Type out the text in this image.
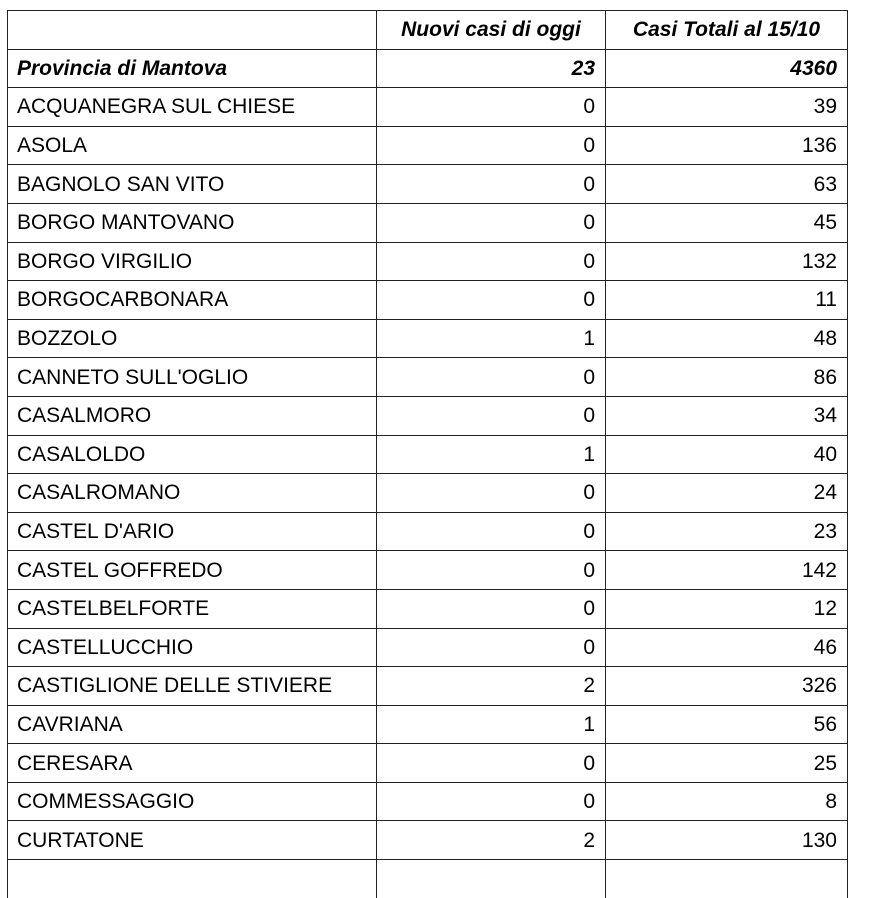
	Nuovi casi di oggi	Casi Totali al 15/10
Provincia di Mantova	23	4360
ACQUANEGRA SUL CHIESE	0	39
ASOLA	0	136
BAGNOLO SAN VITO	0	63
BORGO MANTOVANO	0	45
BORGO VIRGILIO	0	132
BORGOCARBONARA	0	11
BOZZOLO	1	48
CANNETO SULL'OGLIO	0	86
CASALMORO	0	34
CASALOLDO	1	40
CASALROMANO	0	24
CASTEL D'ARIO	0	23
CASTEL GOFFREDO	0	142
CASTELBELFORTE	0	12
CASTELLUCCHIO	0	46
CASTIGLIONE DELLE STIVIERE	2	326
CAVRIANA	1	56
CERESARA	0	25
COMMESSAGGIO	0	8
CURTATONE	2	130
